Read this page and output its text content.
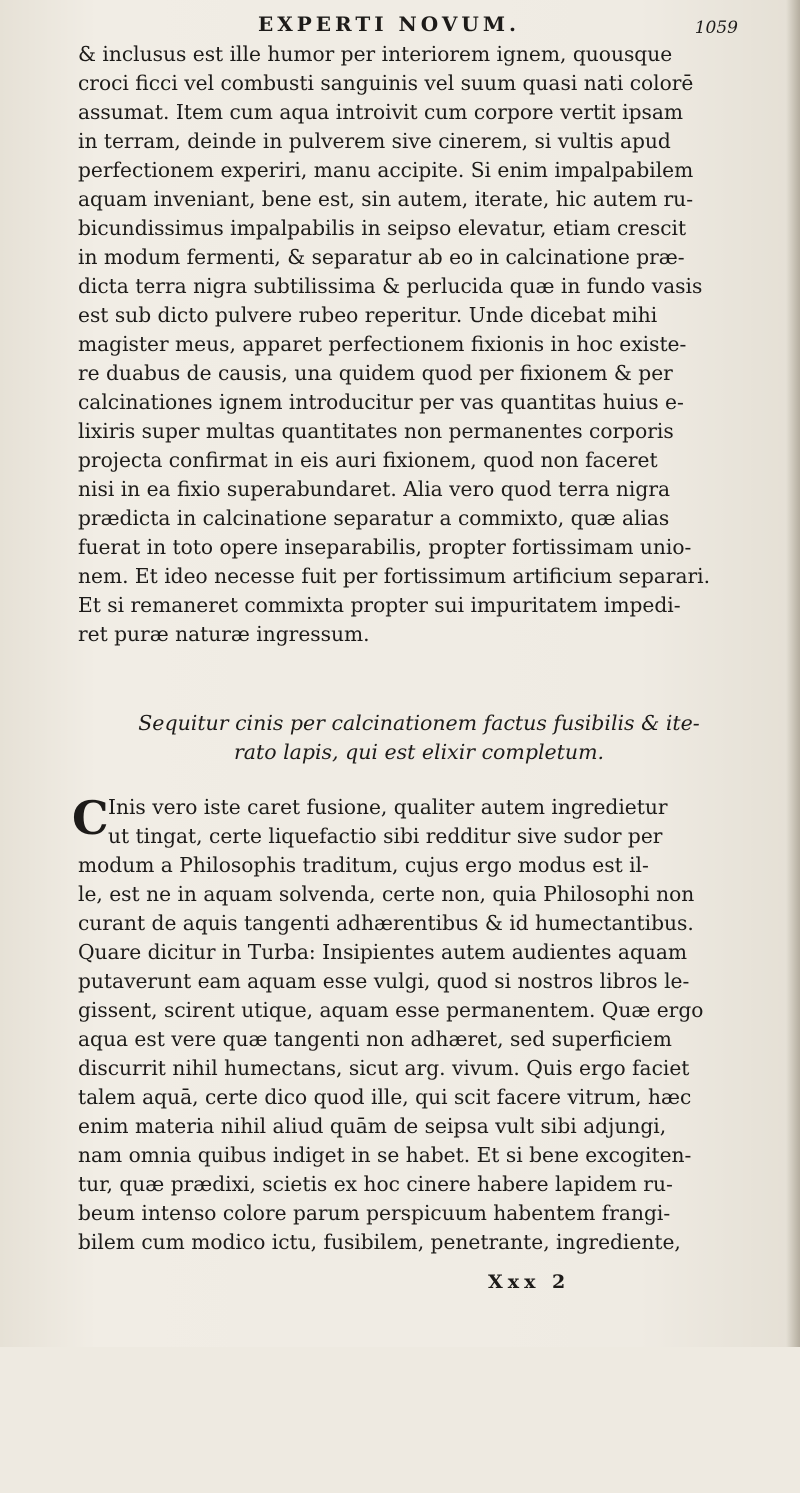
EXPERTI NOVUM.	1059
& inclusus est ille humor per interiorem ignem, quousque
croci ficci vel combusti sanguinis vel suum quasi nati colorē
assumat. Item cum aqua introivit cum corpore vertit ipsam
in terram, deinde in pulverem sive cinerem, si vultis apud
perfectionem experiri, manu accipite. Si enim impalpabilem
aquam inveniant, bene est, sin autem, iterate, hic autem ru-
bicundissimus impalpabilis in seipso elevatur, etiam crescit
in modum fermenti, & separatur ab eo in calcinatione præ-
dicta terra nigra subtilissima & perlucida quæ in fundo vasis
est sub dicto pulvere rubeo reperitur. Unde dicebat mihi
magister meus, apparet perfectionem fixionis in hoc existe-
re duabus de causis, una quidem quod per fixionem & per
calcinationes ignem introducitur per vas quantitas huius e-
lixiris super multas quantitates non permanentes corporis
projecta confirmat in eis auri fixionem, quod non faceret
nisi in ea fixio superabundaret. Alia vero quod terra nigra
prædicta in calcinatione separatur a commixto, quæ alias
fuerat in toto opere inseparabilis, propter fortissimam unio-
nem. Et ideo necesse fuit per fortissimum artificium separari.
Et si remaneret commixta propter sui impuritatem impedi-
ret puræ naturæ ingressum.
Sequitur cinis per calcinationem factus fusibilis & ite-
rato lapis, qui est elixir completum.
C Inis vero iste caret fusione, qualiter autem ingredietur
ut tingat, certe liquefactio sibi redditur sive sudor per
modum a Philosophis traditum, cujus ergo modus est il-
le, est ne in aquam solvenda, certe non, quia Philosophi non
curant de aquis tangenti adhærentibus & id humectantibus.
Quare dicitur in Turba: Insipientes autem audientes aquam
putaverunt eam aquam esse vulgi, quod si nostros libros le-
gissent, scirent utique, aquam esse permanentem. Quæ ergo
aqua est vere quæ tangenti non adhæret, sed superficiem
discurrit nihil humectans, sicut arg. vivum. Quis ergo faciet
talem aquā, certe dico quod ille, qui scit facere vitrum, hæc
enim materia nihil aliud quām de seipsa vult sibi adjungi,
nam omnia quibus indiget in se habet. Et si bene excogiten-
tur, quæ prædixi, scietis ex hoc cinere habere lapidem ru-
beum intenso colore parum perspicuum habentem frangi-
bilem cum modico ictu, fusibilem, penetrante, ingrediente,
Xxx 2
